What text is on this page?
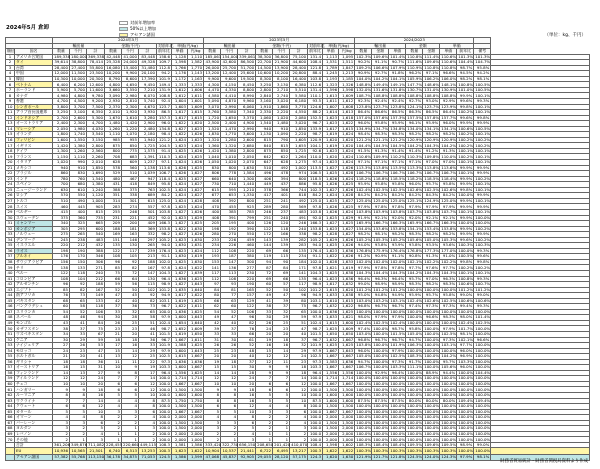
2024年5月 倉卸
対前年増加率
50%以上増加
アセアン諸国	（単位：kg、千円）
		2024年5月									2023年5月									2024/2023								
		輸出量			金額(千円)			対前年比	単価(円/kg)		輸出量			金額(千円)			対前年比	単価(円/kg)		輸出量			金額		単価			
順位	国名	数量	千円	計	数量	千円	計	前年比	単価	円/kg	数量	千円	計	数量	千円	計	前年比	単価	円/kg	数量	金額	単価	数量	金額	単価	前年比	備考	
1	アメリカ合衆国	189,338	180,000	369,338	42,448	41,000	83,448	158.6	1,128	1,110	185,061	154,000	339,061	38,300	36,800	75,100	131.4	1,113	1,095	102.3%	109.6%	101.4%	110.8%	111.4%	110.6%	101.3%	101.3%	
2	タイ	39,614	38,800	78,414	25,328	24,000	49,328	109.7	1,598	1,582	43,900	42,600	86,500	22,700	21,900	44,600	108.4	1,531	1,511	90.2%	91.1%	90.7%	111.6%	109.6%	110.6%	104.4%	104.7%	
3	台湾	28,400	27,400	55,800	16,080	15,400	31,480	112.8	1,766	1,770	26,000	25,700	51,700	14,500	13,900	28,400	121.8	1,789	1,847	109.2%	106.6%	107.9%	110.9%	110.8%	110.8%	98.7%	95.8%	
4	中国	12,000	11,500	23,500	10,200	9,900	20,100	94.2	1,176	1,143	13,200	12,400	25,600	10,600	10,200	20,800	88.4	1,245	1,213	90.9%	92.7%	91.8%	96.2%	97.1%	96.6%	94.5%	94.2%	
5	韓国	10,300	10,000	20,300	8,790	8,600	17,390	101.9	1,172	1,163	9,900	9,600	19,500	8,300	8,100	16,400	103.8	1,193	1,185	104.0%	104.2%	104.1%	105.9%	106.2%	106.0%	98.2%	98.1%	
6	ベトナム	6,400	6,200	12,600	4,800	4,650	9,450	149.4	1,333	1,333	4,300	4,150	8,450	3,250	3,130	6,380	112.6	1,323	1,326	148.8%	149.4%	149.1%	147.7%	148.6%	148.1%	100.8%	100.5%	
7	ポーランド	5,900	5,700	11,600	3,660	3,550	7,210	131.9	1,612	1,606	4,470	4,330	8,800	2,800	2,710	5,510	131.4	1,596	1,598	132.0%	131.6%	131.8%	130.7%	131.0%	130.9%	101.0%	100.5%	
8	カナダ	4,980	4,800	9,780	3,090	2,980	6,070	108.8	1,612	1,611	4,580	4,410	8,990	2,840	2,740	5,580	110.1	1,613	1,609	108.7%	108.8%	108.8%	108.8%	108.8%	108.8%	99.9%	100.1%	
9	香港	4,700	4,500	9,200	2,930	2,810	5,740	92.4	1,604	1,601	5,090	4,870	9,960	3,160	3,020	6,180	93.5	1,611	1,612	92.3%	92.4%	92.4%	92.7%	93.0%	92.9%	99.6%	99.3%	
10	シンガポール	3,800	3,700	7,500	2,370	2,300	4,670	123.7	1,603	1,609	3,070	2,990	6,060	1,910	1,860	3,770	124.6	1,607	1,608	123.8%	123.7%	123.8%	124.1%	123.7%	123.9%	99.8%	100.1%	
11	アラブ首長国連邦	3,250	3,100	6,350	2,010	1,920	3,930	86.5	1,617	1,615	3,760	3,580	7,340	2,330	2,220	4,550	88.2	1,614	1,613	86.4%	86.6%	86.5%	86.3%	86.5%	86.4%	100.2%	100.1%	
12	インドネシア	2,700	2,600	5,300	1,670	1,610	3,280	157.3	1,617	1,615	1,720	1,650	3,370	1,060	1,020	2,080	152.5	1,623	1,618	157.0%	157.6%	157.3%	157.5%	157.8%	157.7%	99.6%	99.8%	
13	オーストラリア	2,400	2,300	4,700	1,480	1,420	2,900	96.0	1,622	1,620	2,500	2,400	4,900	1,540	1,480	3,020	96.7	1,623	1,622	96.0%	95.8%	95.9%	96.1%	95.9%	96.0%	99.9%	99.9%	
14	マレーシア	2,050	1,980	4,030	1,260	1,220	2,480	134.8	1,627	1,623	1,520	1,470	2,990	940	910	1,850	133.9	1,617	1,615	134.9%	134.7%	134.8%	134.0%	134.1%	134.1%	100.6%	100.5%	
15	オランダ	1,800	1,740	3,540	1,110	1,070	2,180	98.4	1,622	1,626	1,830	1,770	3,600	1,130	1,090	2,220	98.7	1,619	1,624	98.4%	98.3%	98.3%	98.2%	98.2%	98.2%	100.2%	100.1%	
16	フィリピン	1,600	1,550	3,150	985	955	1,940	121.2	1,624	1,623	1,320	1,280	2,600	815	790	1,605	120.9	1,620	1,620	121.2%	121.1%	121.2%	120.9%	120.9%	120.9%	100.2%	100.2%	
17	イギリス	1,420	1,380	2,800	875	850	1,725	104.5	1,623	1,624	1,360	1,320	2,680	840	815	1,655	104.1	1,619	1,620	104.4%	104.5%	104.5%	104.2%	104.3%	104.2%	100.2%	100.2%	
18	ドイツ	1,300	1,260	2,560	800	775	1,575	91.4	1,625	1,626	1,420	1,380	2,800	875	850	1,725	92.6	1,623	1,624	91.5%	91.3%	91.4%	91.4%	91.2%	91.3%	100.1%	100.1%	
19	フランス	1,150	1,110	2,260	708	683	1,391	110.3	1,624	1,625	1,040	1,010	2,050	642	622	1,264	110.0	1,620	1,624	110.6%	109.9%	110.2%	110.3%	109.8%	110.0%	100.2%	100.1%	
20	イタリア	1,020	990	2,010	628	609	1,237	97.1	1,624	1,626	1,050	1,020	2,070	647	628	1,275	97.4	1,623	1,624	97.1%	97.1%	97.1%	97.1%	97.0%	97.0%	100.1%	100.1%	
21	メキシコ	940	910	1,850	578	560	1,138	113.6	1,626	1,625	830	800	1,630	510	492	1,002	113.5	1,627	1,626	113.3%	113.8%	113.5%	113.3%	113.8%	113.6%	99.9%	99.9%	
22	ブラジル	860	830	1,690	529	510	1,039	106.7	1,626	1,627	806	778	1,584	496	478	974	106.5	1,625	1,628	106.7%	106.7%	106.7%	106.7%	106.7%	106.7%	100.1%	99.9%	
23	インド	780	760	1,540	480	467	947	118.4	1,625	1,627	660	640	1,300	406	394	800	118.5	1,626	1,624	118.2%	118.8%	118.5%	118.2%	118.5%	118.4%	99.9%	100.2%	
24	スペイン	700	680	1,380	431	418	849	95.8	1,624	1,627	730	710	1,440	449	437	886	95.8	1,626	1,625	95.9%	95.8%	95.8%	96.0%	95.7%	95.8%	99.9%	100.1%	
25	ニュージーランド	630	610	1,240	388	375	763	102.5	1,624	1,627	615	595	1,210	378	366	744	102.3	1,627	1,626	102.4%	102.5%	102.5%	102.6%	102.5%	102.6%	99.8%	100.1%	
26	ロシア	570	550	1,120	351	338	689	84.2	1,624	1,627	677	653	1,330	417	401	818	84.2	1,624	1,628	84.2%	84.2%	84.2%	84.2%	84.3%	84.2%	100.0%	99.9%	
27	トルコ	510	490	1,000	314	301	615	125.0	1,624	1,628	408	392	800	251	241	492	125.0	1,625	1,627	125.0%	125.0%	125.0%	125.1%	124.9%	125.0%	99.9%	100.1%	
28	スイス	460	445	905	283	274	557	97.8	1,625	1,624	470	455	925	289	280	569	97.8	1,626	1,625	97.9%	97.8%	97.8%	97.9%	97.9%	97.9%	99.9%	99.9%	
29	ベルギー	415	400	815	255	246	501	103.8	1,627	1,626	400	385	785	246	237	483	103.8	1,626	1,624	103.8%	103.9%	103.8%	103.7%	103.8%	103.7%	100.1%	100.1%	
30	スウェーデン	375	360	735	231	221	452	92.0	1,623	1,629	408	391	799	251	240	491	92.0	1,625	1,629	91.9%	92.1%	92.0%	92.0%	92.1%	92.1%	99.9%	100.0%	
31	ミャンマー	340	325	665	209	200	409	166.3	1,627	1,625	205	195	400	126	120	246	166.3	1,627	1,625	165.9%	166.7%	166.3%	165.9%	166.7%	166.3%	100.0%	100.0%	
32	カンボジア	305	295	600	188	181	369	153.8	1,622	1,630	198	192	390	122	118	240	153.8	1,623	1,627	154.0%	153.6%	153.8%	154.1%	153.4%	153.8%	99.9%	100.2%	
33	ノルウェー	275	265	540	169	163	332	98.2	1,627	1,626	280	270	550	172	166	338	98.2	1,628	1,627	98.2%	98.1%	98.2%	98.3%	98.2%	98.2%	99.9%	99.9%	
34	デンマーク	245	238	483	151	146	297	105.2	1,623	1,630	233	226	459	143	139	282	105.2	1,629	1,626	105.2%	105.3%	105.2%	105.6%	105.0%	105.3%	99.6%	100.2%	
35	イスラエル	220	212	432	135	130	265	94.0	1,630	1,631	234	226	460	144	139	283	94.0	1,625	1,626	94.0%	93.8%	93.9%	93.8%	93.5%	93.6%	100.3%	100.3%	
36	ラオス	198	190	388	122	117	239	176.4	1,623	1,624	112	108	220	69	66	135	176.4	1,623	1,636	176.8%	175.9%	176.4%	176.8%	177.3%	177.0%	100.0%	99.3%	
37	ブルネイ	176	170	346	108	105	213	91.1	1,630	1,619	193	187	380	119	115	234	91.1	1,622	1,626	91.2%	90.9%	91.1%	90.8%	91.3%	91.0%	100.5%	99.6%	
38	サウジアラビア	156	150	306	96	92	188	102.0	1,625	1,630	153	147	300	94	90	184	102.0	1,628	1,633	102.0%	102.0%	102.0%	102.1%	102.2%	102.2%	99.8%	99.8%	
39	チリ	138	133	271	85	82	167	97.8	1,624	1,622	141	136	277	87	84	171	97.8	1,621	1,619	97.9%	97.8%	97.8%	97.7%	97.6%	97.7%	100.2%	100.2%	
40	ペルー	122	118	240	75	72	147	104.3	1,627	1,639	117	113	230	72	69	141	104.3	1,625	1,638	104.3%	104.4%	104.3%	104.2%	104.3%	104.3%	100.1%	100.1%	
41	コロンビア	108	104	212	66	64	130	96.4	1,636	1,625	112	108	220	69	66	135	96.4	1,623	1,636	96.4%	96.3%	96.4%	95.7%	97.0%	96.3%	100.8%	99.3%	
42	アルゼンチン	96	92	188	59	56	115	98.9	1,627	1,643	97	93	190	60	57	117	98.9	1,617	1,632	99.0%	98.9%	98.9%	98.3%	98.2%	98.3%	100.6%	100.7%	
43	エジプト	85	82	167	52	50	102	101.2	1,635	1,640	84	81	165	52	50	102	101.2	1,615	1,620	101.2%	101.2%	101.2%	100.0%	100.0%	100.0%	101.2%	101.2%	
44	南アフリカ	76	73	149	47	45	92	94.9	1,617	1,622	80	77	157	49	47	96	94.9	1,633	1,638	95.0%	94.8%	94.9%	95.9%	95.7%	95.8%	99.0%	99.0%	
45	パキスタン	68	65	133	42	40	82	103.1	1,619	1,625	66	63	129	41	39	80	103.1	1,610	1,615	103.0%	103.2%	103.1%	102.4%	102.6%	102.5%	100.6%	100.6%	
46	バングラデシュ	60	58	118	37	36	73	96.7	1,622	1,611	62	60	122	38	37	75	96.7	1,632	1,622	96.8%	96.7%	96.7%	97.4%	97.3%	97.3%	99.4%	99.3%	
47	スリランカ	54	52	106	33	32	65	100.0	1,636	1,625	54	52	106	33	32	65	100.0	1,636	1,625	100.0%	100.0%	100.0%	100.0%	100.0%	100.0%	100.0%	100.0%	
48	ネパール	48	46	94	30	28	58	97.9	1,600	1,643	49	47	96	30	29	59	97.9	1,633	1,621	98.0%	97.9%	97.9%	100.0%	96.6%	98.3%	98.0%	101.4%	
49	モンゴル	43	41	84	26	25	51	102.4	1,654	1,640	42	40	82	26	25	51	102.4	1,615	1,600	102.4%	102.5%	102.4%	100.0%	100.0%	100.0%	102.4%	102.5%	
50	カザフスタン	38	37	75	23	23	46	98.7	1,652	1,609	39	37	76	24	23	47	98.7	1,625	1,609	97.4%	100.0%	98.7%	95.8%	100.0%	97.9%	101.7%	100.0%	
51	ウズベキスタン	34	33	67	21	20	41	101.5	1,619	1,650	33	33	66	20	20	40	101.5	1,650	1,650	103.0%	100.0%	101.5%	105.0%	100.0%	102.5%	98.1%	100.0%	
52	ケニア	30	29	59	18	18	36	96.7	1,667	1,611	31	30	61	19	18	37	96.7	1,632	1,667	96.8%	96.7%	96.7%	94.7%	100.0%	97.3%	102.1%	96.6%	
53	ナイジェリア	27	26	53	17	16	33	101.9	1,588	1,625	26	26	52	16	16	32	101.9	1,625	1,625	103.8%	100.0%	101.9%	106.3%	100.0%	103.1%	97.7%	100.0%	
54	モロッコ	24	23	47	15	14	29	97.9	1,600	1,643	25	23	48	15	14	29	97.9	1,667	1,643	96.0%	100.0%	97.9%	100.0%	100.0%	100.0%	96.0%	100.0%	
55	ポルトガル	21	20	41	13	12	25	102.5	1,615	1,667	20	20	40	12	12	24	102.5	1,667	1,667	105.0%	100.0%	102.5%	108.3%	100.0%	104.2%	96.9%	100.0%	
56	ギリシャ	18	18	36	11	11	22	97.3	1,636	1,636	19	18	37	12	11	23	97.3	1,583	1,636	94.7%	100.0%	97.3%	91.7%	100.0%	95.7%	103.3%	100.0%	
57	オーストリア	16	15	31	10	9	19	103.3	1,600	1,667	15	15	30	9	9	18	103.3	1,667	1,667	106.7%	100.0%	103.3%	111.1%	100.0%	105.6%	96.0%	100.0%	
58	フィンランド	14	13	27	9	8	17	96.4	1,556	1,625	14	14	28	9	9	18	96.4	1,556	1,556	100.0%	92.9%	96.4%	100.0%	88.9%	94.4%	100.0%	104.4%	
59	アイルランド	12	12	24	7	7	14	100.0	1,714	1,714	12	12	24	7	7	14	100.0	1,714	1,714	100.0%	100.0%	100.0%	100.0%	100.0%	100.0%	100.0%	100.0%	
60	チェコ	10	10	20	6	6	12	100.0	1,667	1,667	10	10	20	6	6	12	100.0	1,667	1,667	100.0%	100.0%	100.0%	100.0%	100.0%	100.0%	100.0%	100.0%	
61	ハンガリー	9	9	18	6	6	12	100.0	1,500	1,500	9	9	18	6	6	12	100.0	1,500	1,500	100.0%	100.0%	100.0%	100.0%	100.0%	100.0%	100.0%	100.0%	
62	ルーマニア	8	8	16	5	5	10	100.0	1,600	1,600	8	8	16	5	5	10	100.0	1,600	1,600	100.0%	100.0%	100.0%	100.0%	100.0%	100.0%	100.0%	100.0%	
63	ウクライナ	7	7	14	4	4	8	87.5	1,750	1,750	8	8	16	5	5	10	87.5	1,600	1,600	87.5%	87.5%	87.5%	80.0%	80.0%	80.0%	109.4%	109.4%	
64	クウェート	6	6	12	4	4	8	100.0	1,500	1,500	6	6	12	4	4	8	100.0	1,500	1,500	100.0%	100.0%	100.0%	100.0%	100.0%	100.0%	100.0%	100.0%	
65	カタール	5	5	10	3	3	6	100.0	1,667	1,667	5	5	10	3	3	6	100.0	1,667	1,667	100.0%	100.0%	100.0%	100.0%	100.0%	100.0%	100.0%	100.0%	
66	オマーン	4	4	8	2	2	4	100.0	2,000	2,000	4	4	8	2	2	4	100.0	2,000	2,000	100.0%	100.0%	100.0%	100.0%	100.0%	100.0%	100.0%	100.0%	
67	バーレーン	3	3	6	2	2	4	100.0	1,500	1,500	3	3	6	2	2	4	100.0	1,500	1,500	100.0%	100.0%	100.0%	100.0%	100.0%	100.0%	100.0%	100.0%	
68	ヨルダン	3	2	5	2	1	3	100.0	1,500	2,000	3	2	5	2	1	3	100.0	1,500	2,000	100.0%	100.0%	100.0%	100.0%	100.0%	100.0%	100.0%	100.0%	
69	レバノン	2	2	4	1	1	2	100.0	2,000	2,000	2	2	4	1	1	2	100.0	2,000	2,000	100.0%	100.0%	100.0%	100.0%	100.0%	100.0%	100.0%	100.0%	
70	その他	2	1	3	1	1	2	100.0	2,000	1,000	2	1	3	1	1	2	100.0	2,000	1,000	100.0%	100.0%	100.0%	100.0%	100.0%	100.0%	100.0%	100.0%	
	合計	361,206	349,876	711,082	228,455	220,660	449,115	108.3	1,581	1,586	333,420	322,730	656,150	208,650	201,420	410,070	108.4	1,598	1,602	108.3%	108.4%	108.4%	109.5%	109.6%	109.5%	98.9%	99.0%	
	EU	10,936	10,565	21,501	6,740	6,513	13,253	100.3	1,623	1,622	10,904	10,537	21,441	6,722	6,495	13,217	100.3	1,622	1,622	100.3%	100.3%	100.3%	100.3%	100.3%	100.3%	100.0%	100.0%	
	アセアン諸国	57,382	55,768	113,150	36,178	34,875	71,053	124.5	1,586	1,599	47,068	45,837	92,905	29,055	28,120	57,175	124.3	1,620	1,630	121.9%	121.7%	121.8%	124.5%	124.0%	124.3%	97.9%	98.1%	
財務省貿易統計・財務省関税局資料より作成
